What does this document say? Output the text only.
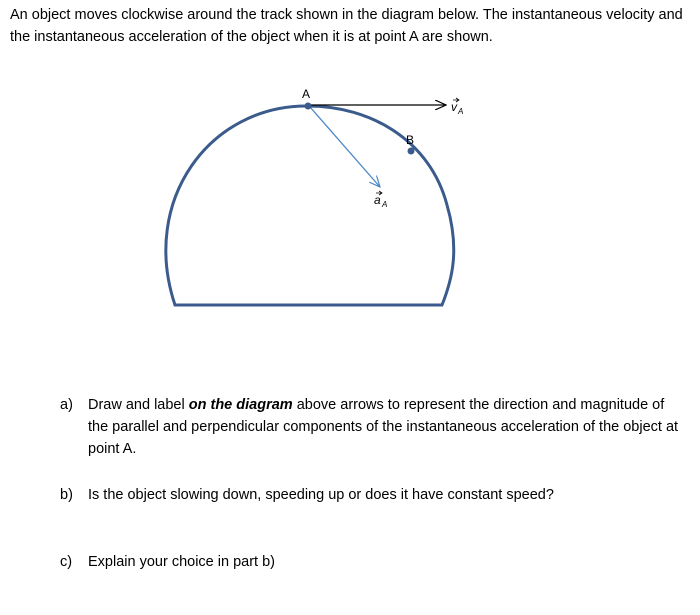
An object moves clockwise around the track shown in the diagram below. The instantaneous velocity and the instantaneous acceleration of the object when it is at point A are shown.

A
B
v A
a A
a)	Draw and label on the diagram above arrows to represent the direction and magnitude of the parallel and perpendicular components of the instantaneous acceleration of the object at point A.
b)	Is the object slowing down, speeding up or does it have constant speed?
c)	Explain your choice in part b)
